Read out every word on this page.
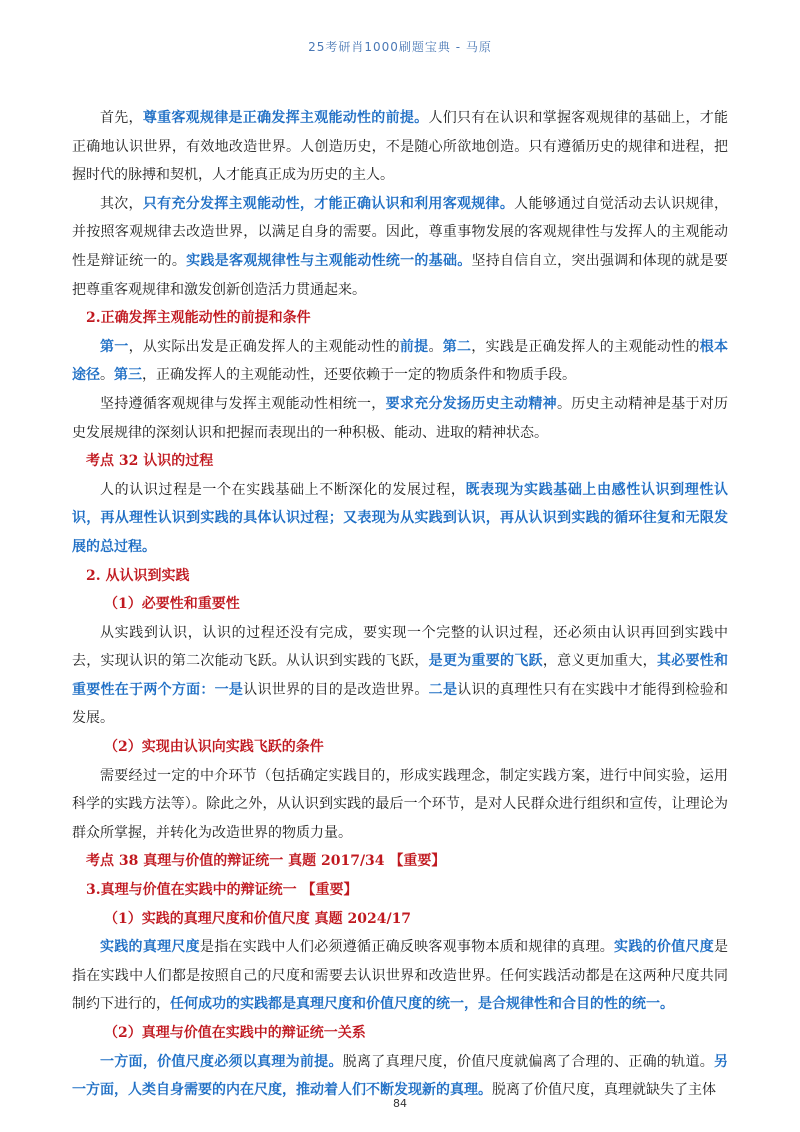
25考研肖1000刷题宝典 - 马原

首先，尊重客观规律是正确发挥主观能动性的前提。人们只有在认识和掌握客观规律的基础上，才能正确地认识世界，有效地改造世界。人创造历史，不是随心所欲地创造。只有遵循历史的规律和进程，把握时代的脉搏和契机，人才能真正成为历史的主人。

其次，只有充分发挥主观能动性，才能正确认识和利用客观规律。人能够通过自觉活动去认识规律，并按照客观规律去改造世界，以满足自身的需要。因此，尊重事物发展的客观规律性与发挥人的主观能动性是辩证统一的。实践是客观规律性与主观能动性统一的基础。坚持自信自立，突出强调和体现的就是要把尊重客观规律和激发创新创造活力贯通起来。

2.正确发挥主观能动性的前提和条件

第一，从实际出发是正确发挥人的主观能动性的前提。第二，实践是正确发挥人的主观能动性的根本途径。第三，正确发挥人的主观能动性，还要依赖于一定的物质条件和物质手段。

坚持遵循客观规律与发挥主观能动性相统一，要求充分发扬历史主动精神。历史主动精神是基于对历史发展规律的深刻认识和把握而表现出的一种积极、能动、进取的精神状态。

考点 32 认识的过程

人的认识过程是一个在实践基础上不断深化的发展过程，既表现为实践基础上由感性认识到理性认识，再从理性认识到实践的具体认识过程；又表现为从实践到认识，再从认识到实践的循环往复和无限发展的总过程。

2. 从认识到实践
（1）必要性和重要性

从实践到认识，认识的过程还没有完成，要实现一个完整的认识过程，还必须由认识再回到实践中去，实现认识的第二次能动飞跃。从认识到实践的飞跃，是更为重要的飞跃，意义更加重大，其必要性和重要性在于两个方面：一是认识世界的目的是改造世界。二是认识的真理性只有在实践中才能得到检验和发展。

（2）实现由认识向实践飞跃的条件

需要经过一定的中介环节（包括确定实践目的，形成实践理念，制定实践方案，进行中间实验，运用科学的实践方法等）。除此之外，从认识到实践的最后一个环节，是对人民群众进行组织和宣传，让理论为群众所掌握，并转化为改造世界的物质力量。

考点 38 真理与价值的辩证统一 真题 2017/34 【重要】
3.真理与价值在实践中的辩证统一 【重要】
（1）实践的真理尺度和价值尺度 真题 2024/17

实践的真理尺度是指在实践中人们必须遵循正确反映客观事物本质和规律的真理。实践的价值尺度是指在实践中人们都是按照自己的尺度和需要去认识世界和改造世界。任何实践活动都是在这两种尺度共同制约下进行的，任何成功的实践都是真理尺度和价值尺度的统一，是合规律性和合目的性的统一。

（2）真理与价值在实践中的辩证统一关系

一方面，价值尺度必须以真理为前提。脱离了真理尺度，价值尺度就偏离了合理的、正确的轨道。另一方面，人类自身需要的内在尺度，推动着人们不断发现新的真理。脱离了价值尺度，真理就缺失了主体

84
